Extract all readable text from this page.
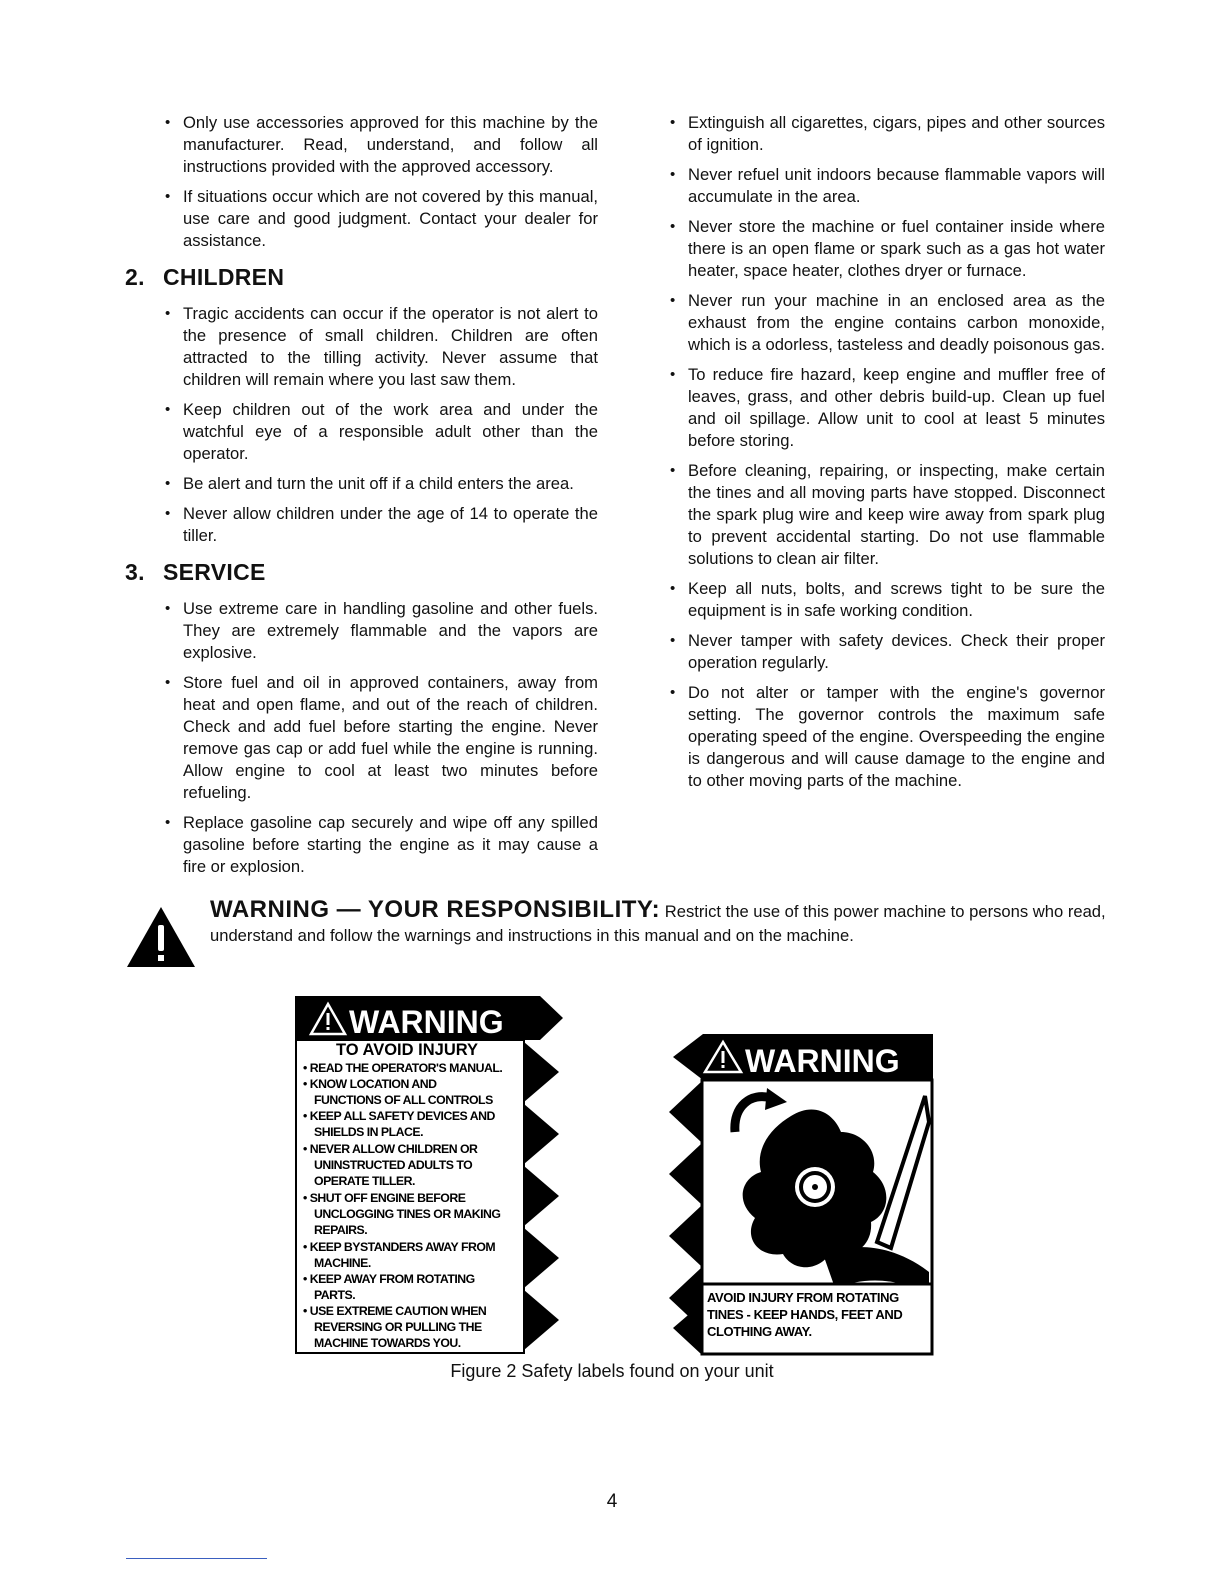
• Only use accessories approved for this machine by the manufacturer. Read, understand, and follow all instructions provided with the approved accessory.
• If situations occur which are not covered by this manual, use care and good judgment. Contact your dealer for assistance.
2. CHILDREN
• Tragic accidents can occur if the operator is not alert to the presence of small children. Children are often attracted to the tilling activity. Never assume that children will remain where you last saw them.
• Keep children out of the work area and under the watchful eye of a responsible adult other than the operator.
• Be alert and turn the unit off if a child enters the area.
• Never allow children under the age of 14 to operate the tiller.
3. SERVICE
• Use extreme care in handling gasoline and other fuels. They are extremely flammable and the vapors are explosive.
• Store fuel and oil in approved containers, away from heat and open flame, and out of the reach of children. Check and add fuel before starting the engine. Never remove gas cap or add fuel while the engine is running. Allow engine to cool at least two minutes before refueling.
• Replace gasoline cap securely and wipe off any spilled gasoline before starting the engine as it may cause a fire or explosion.
• Extinguish all cigarettes, cigars, pipes and other sources of ignition.
• Never refuel unit indoors because flammable vapors will accumulate in the area.
• Never store the machine or fuel container inside where there is an open flame or spark such as a gas hot water heater, space heater, clothes dryer or furnace.
• Never run your machine in an enclosed area as the exhaust from the engine contains carbon monoxide, which is a odorless, tasteless and deadly poisonous gas.
• To reduce fire hazard, keep engine and muffler free of leaves, grass, and other debris build-up. Clean up fuel and oil spillage. Allow unit to cool at least 5 minutes before storing.
• Before cleaning, repairing, or inspecting, make certain the tines and all moving parts have stopped. Disconnect the spark plug wire and keep wire away from spark plug to prevent accidental starting. Do not use flammable solutions to clean air filter.
• Keep all nuts, bolts, and screws tight to be sure the equipment is in safe working condition.
• Never tamper with safety devices. Check their proper operation regularly.
• Do not alter or tamper with the engine's governor setting. The governor controls the maximum safe operating speed of the engine. Overspeeding the engine is dangerous and will cause damage to the engine and to other moving parts of the machine.
WARNING — YOUR RESPONSIBILITY: Restrict the use of this power machine to persons who read, understand and follow the warnings and instructions in this manual and on the machine.
WARNING
TO AVOID INJURY
• READ THE OPERATOR'S MANUAL.
• KNOW LOCATION AND
FUNCTIONS OF ALL CONTROLS
• KEEP ALL SAFETY DEVICES AND
SHIELDS IN PLACE.
• NEVER ALLOW CHILDREN OR
UNINSTRUCTED ADULTS TO
OPERATE TILLER.
• SHUT OFF ENGINE BEFORE
UNCLOGGING TINES OR MAKING
REPAIRS.
• KEEP BYSTANDERS AWAY FROM
MACHINE.
• KEEP AWAY FROM ROTATING
PARTS.
• USE EXTREME CAUTION WHEN
REVERSING OR PULLING THE
MACHINE TOWARDS YOU.
WARNING
AVOID INJURY FROM ROTATING
TINES - KEEP HANDS, FEET AND
CLOTHING AWAY.
Figure 2 Safety labels found on your unit
4
